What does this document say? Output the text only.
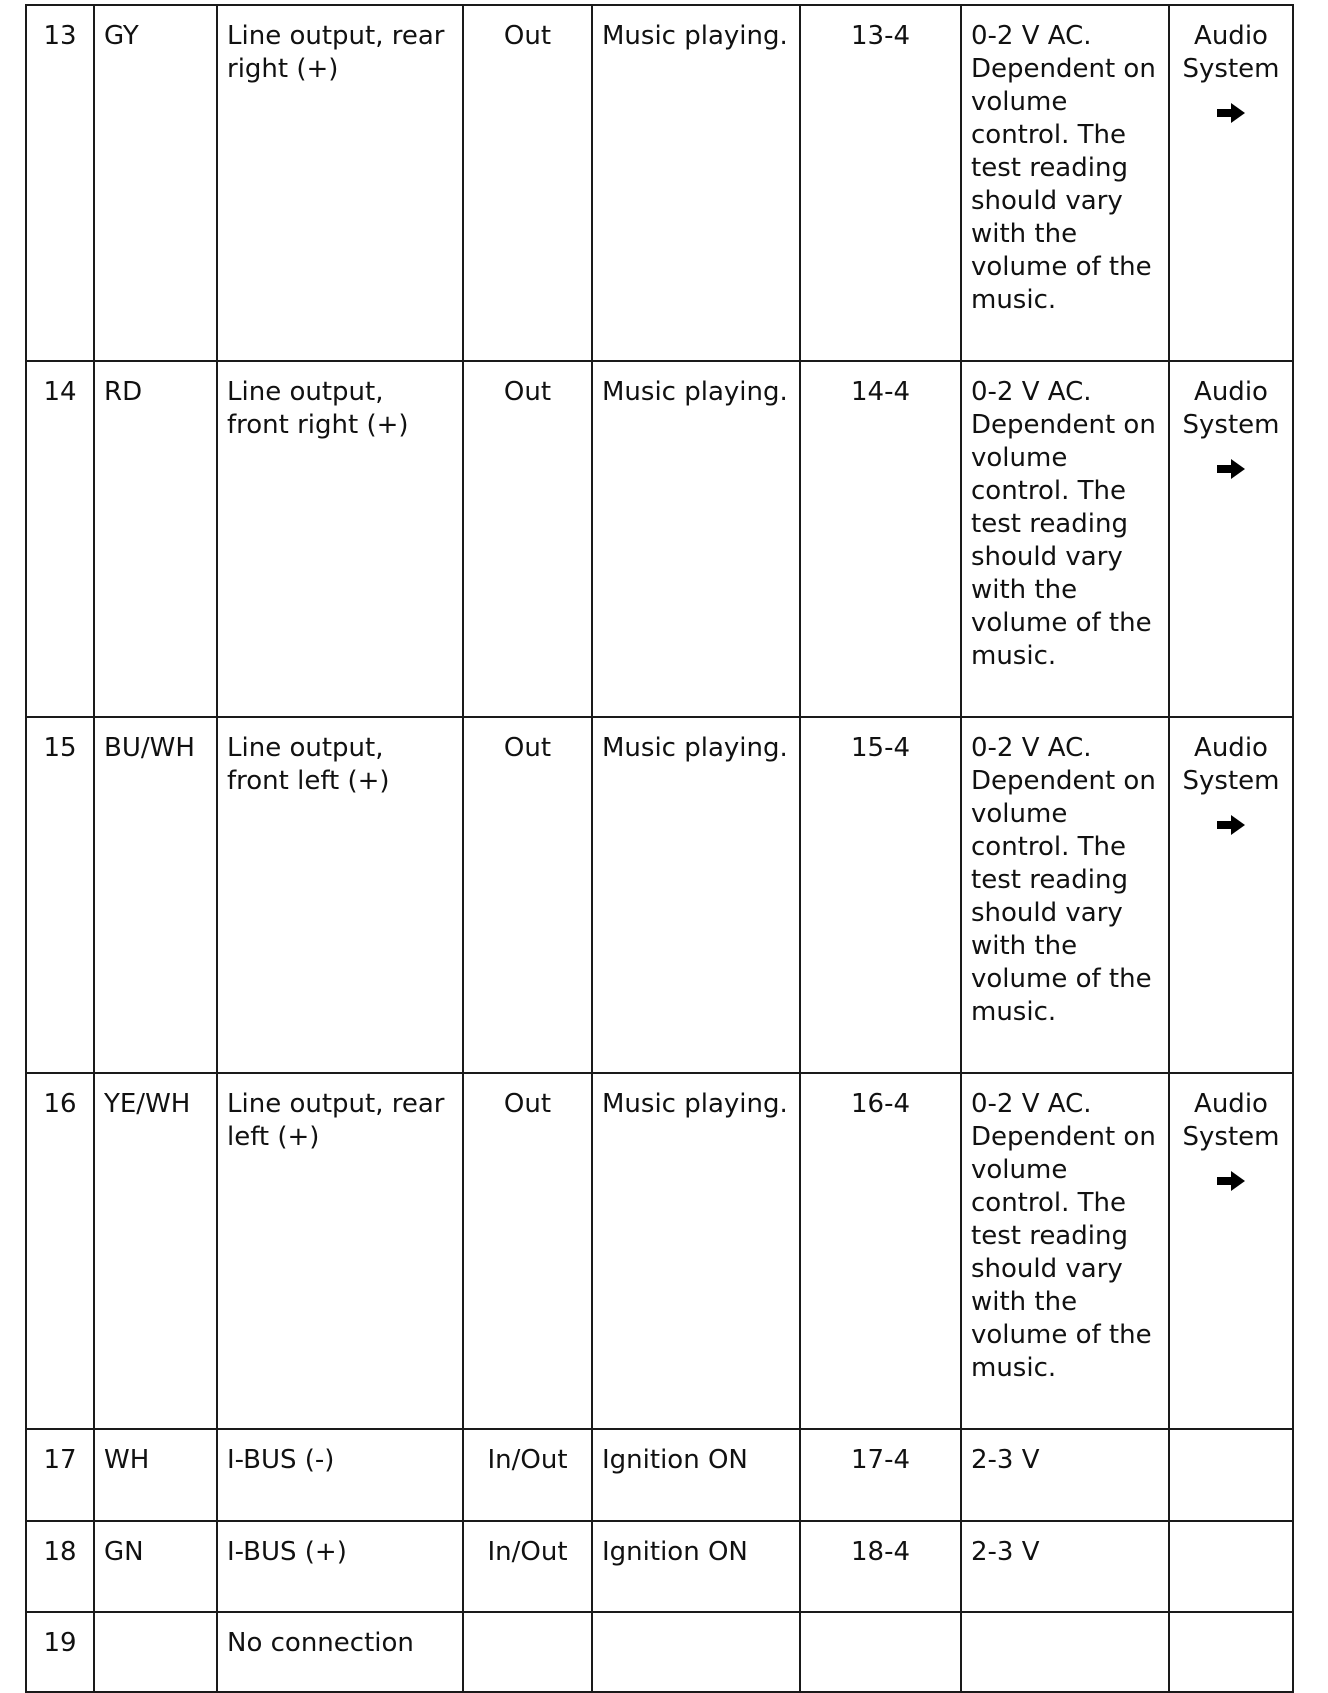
13	GY	Line output, rear right (+)	Out	Music playing.	13-4	0-2 V AC. Dependent on volume control. The test reading should vary with the volume of the music.	Audio System

14	RD	Line output, front right (+)	Out	Music playing.	14-4	0-2 V AC. Dependent on volume control. The test reading should vary with the volume of the music.	Audio System

15	BU/WH	Line output, front left (+)	Out	Music playing.	15-4	0-2 V AC. Dependent on volume control. The test reading should vary with the volume of the music.	Audio System

16	YE/WH	Line output, rear left (+)	Out	Music playing.	16-4	0-2 V AC. Dependent on volume control. The test reading should vary with the volume of the music.	Audio System

17	WH	I-BUS (-)	In/Out	Ignition ON	17-4	2-3 V	
18	GN	I-BUS (+)	In/Out	Ignition ON	18-4	2-3 V	
19		No connection					
